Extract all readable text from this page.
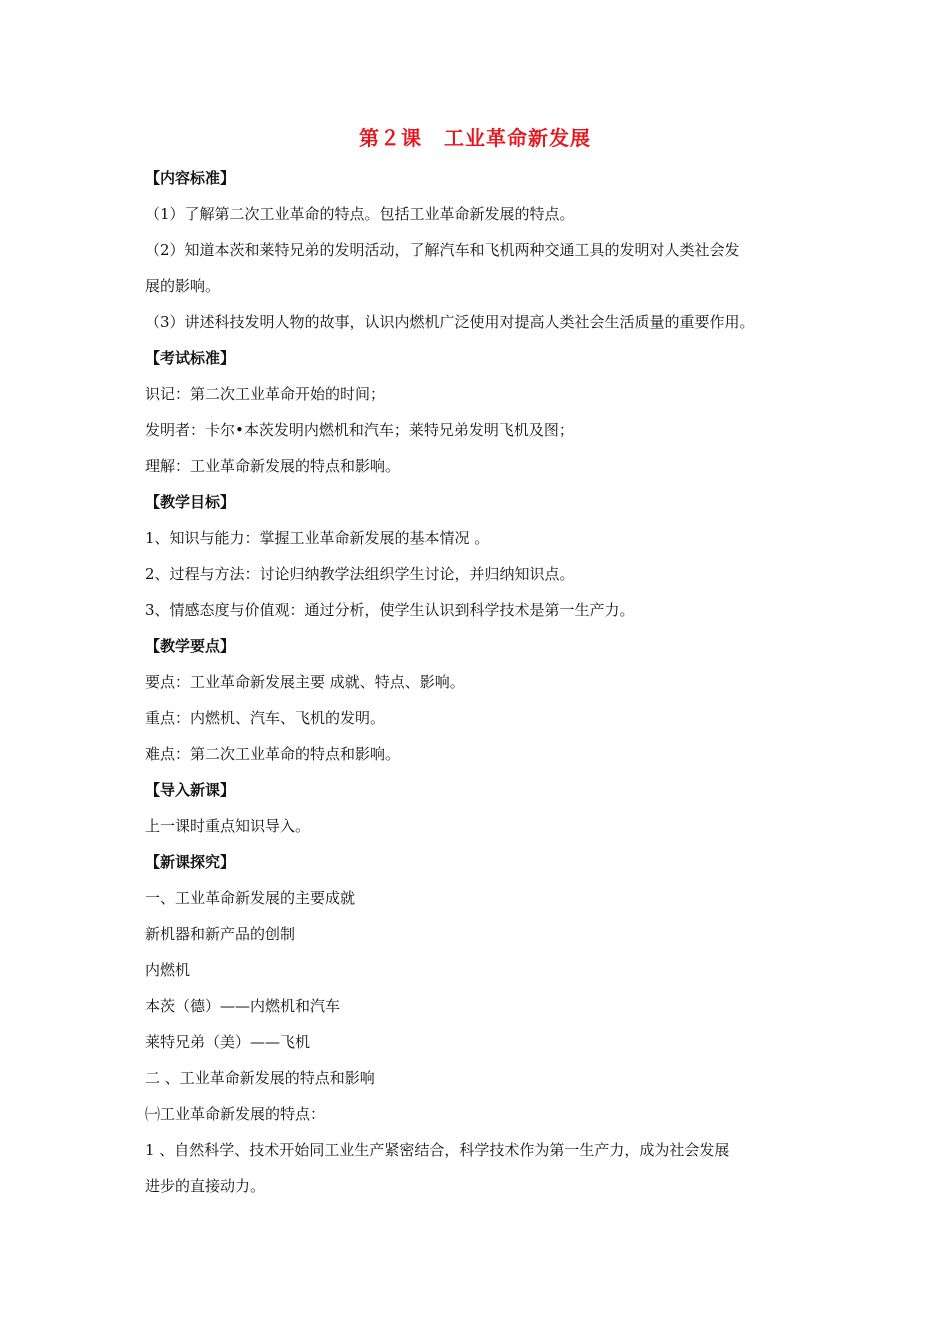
第２课 工业革命新发展
【内容标准】
（1）了解第二次工业革命的特点。包括工业革命新发展的特点。
（2）知道本茨和莱特兄弟的发明活动，了解汽车和飞机两种交通工具的发明对人类社会发
展的影响。
（3）讲述科技发明人物的故事，认识内燃机广泛使用对提高人类社会生活质量的重要作用。
【考试标准】
识记：第二次工业革命开始的时间；
发明者：卡尔•本茨发明内燃机和汽车；莱特兄弟发明飞机及图；
理解：工业革命新发展的特点和影响。
【教学目标】
1、知识与能力：掌握工业革命新发展的基本情况 。
2、过程与方法：讨论归纳教学法组织学生讨论，并归纳知识点。
3、情感态度与价值观：通过分析，使学生认识到科学技术是第一生产力。
【教学要点】
要点：工业革命新发展主要 成就、特点、影响。
重点：内燃机、汽车、飞机的发明。
难点：第二次工业革命的特点和影响。
【导入新课】
上一课时重点知识导入。
【新课探究】
一、工业革命新发展的主要成就
新机器和新产品的创制
内燃机
本茨（德）——内燃机和汽车
莱特兄弟（美）——飞机
二 、工业革命新发展的特点和影响
㈠工业革命新发展的特点：
1 、自然科学、技术开始同工业生产紧密结合，科学技术作为第一生产力，成为社会发展
进步的直接动力。
